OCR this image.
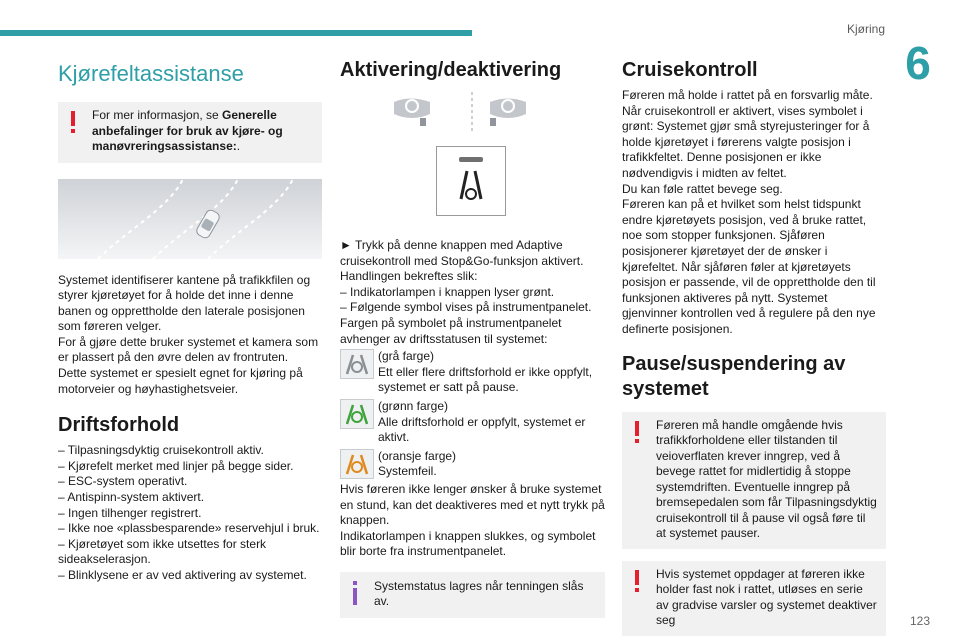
Kjøring
6
Kjørefeltassistanse
For mer informasjon, se Generelle anbefalinger for bruk av kjøre- og manøvreringsassistanse:.

Systemet identifiserer kantene på trafikkfilen og styrer kjøretøyet for å holde det inne i denne banen og opprettholde den laterale posisjonen som føreren velger.

For å gjøre dette bruker systemet et kamera som er plassert på den øvre delen av frontruten.

Dette systemet er spesielt egnet for kjøring på motorveier og høyhastighetsveier.

Driftsforhold

– Tilpasningsdyktig cruisekontroll aktiv.

– Kjørefelt merket med linjer på begge sider.

– ESC-system operativt.

– Antispinn-system aktivert.

– Ingen tilhenger registrert.

– Ikke noe «plassbesparende» reservehjul i bruk.

– Kjøretøyet som ikke utsettes for sterk sideakselerasjon.

– Blinklysene er av ved aktivering av systemet.

Aktivering/deaktivering

► Trykk på denne knappen med Adaptive cruisekontroll med Stop&Go-funksjon aktivert.

Handlingen bekreftes slik:

– Indikatorlampen i knappen lyser grønt.

– Følgende symbol vises på instrumentpanelet.

Fargen på symbolet på instrumentpanelet avhenger av driftsstatusen til systemet:

(grå farge)
Ett eller flere driftsforhold er ikke oppfylt, systemet er satt på pause.
(grønn farge)
Alle driftsforhold er oppfylt, systemet er aktivt.
(oransje farge)
Systemfeil.

Hvis føreren ikke lenger ønsker å bruke systemet en stund, kan det deaktiveres med et nytt trykk på knappen.

Indikatorlampen i knappen slukkes, og symbolet blir borte fra instrumentpanelet.

Systemstatus lagres når tenningen slås av.
Cruisekontroll

Føreren må holde i rattet på en forsvarlig måte.

Når cruisekontroll er aktivert, vises symbolet i grønt: Systemet gjør små styrejusteringer for å holde kjøretøyet i førerens valgte posisjon i trafikkfeltet. Denne posisjonen er ikke nødvendigvis i midten av feltet.

Du kan føle rattet bevege seg.

Føreren kan på et hvilket som helst tidspunkt endre kjøretøyets posisjon, ved å bruke rattet, noe som stopper funksjonen. Sjåføren posisjonerer kjøretøyet der de ønsker i kjørefeltet. Når sjåføren føler at kjøretøyets posisjon er passende, vil de opprettholde den til funksjonen aktiveres på nytt. Systemet gjenvinner kontrollen ved å regulere på den nye definerte posisjonen.

Pause/suspendering av systemet
Føreren må handle omgående hvis trafikkforholdene eller tilstanden til veioverflaten krever inngrep, ved å bevege rattet for midlertidig å stoppe systemdriften. Eventuelle inngrep på bremsepedalen som får Tilpasningsdyktig cruisekontroll til å pause vil også føre til at systemet pauser.
Hvis systemet oppdager at føreren ikke holder fast nok i rattet, utløses en serie av gradvise varsler og systemet deaktiver seg	123
